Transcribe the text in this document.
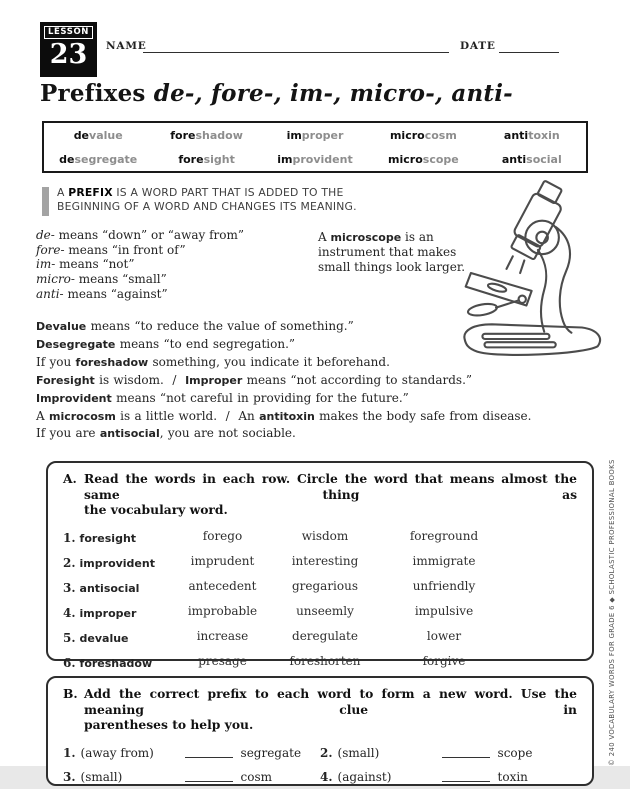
LESSON
23 NAME	DATE
Prefixes de-, fore-, im-, micro-, anti-
devalue	foreshadow	improper	microcosm	antitoxin
desegregate	foresight	improvident	microscope	antisocial
A PREFIX IS A WORD PART THAT IS ADDED TO THE
BEGINNING OF A WORD AND CHANGES ITS MEANING.
de- means “down” or “away from”
fore- means “in front of”
im- means “not”
micro- means “small”
anti- means “against”
A microscope is an instrument that makes small things look larger.
Devalue means “to reduce the value of something.”
Desegregate means “to end segregation.”
If you foreshadow something, you indicate it beforehand.
Foresight is wisdom.  /  Improper means “not according to standards.”
Improvident means “not careful in providing for the future.”
A microcosm is a little world.  /  An antitoxin makes the body safe from disease.
If you are antisocial, you are not sociable.
A. Read the words in each row. Circle the word that means almost the same thing as
the vocabulary word.
1. foresight	forego	wisdom	foreground
2. improvident	imprudent	interesting	immigrate
3. antisocial	antecedent	gregarious	unfriendly
4. improper	improbable	unseemly	impulsive
5. devalue	increase	deregulate	lower
6. foreshadow	presage	foreshorten	forgive
B. Add the correct prefix to each word to form a new word. Use the meaning clue in
parentheses to help you.
1. (away from)	segregate 2. (small)	scope
3. (small)	cosm	4. (against)	toxin
© 240 VOCABULARY WORDS FOR GRADE 6 ◆ SCHOLASTIC PROFESSIONAL BOOKS
